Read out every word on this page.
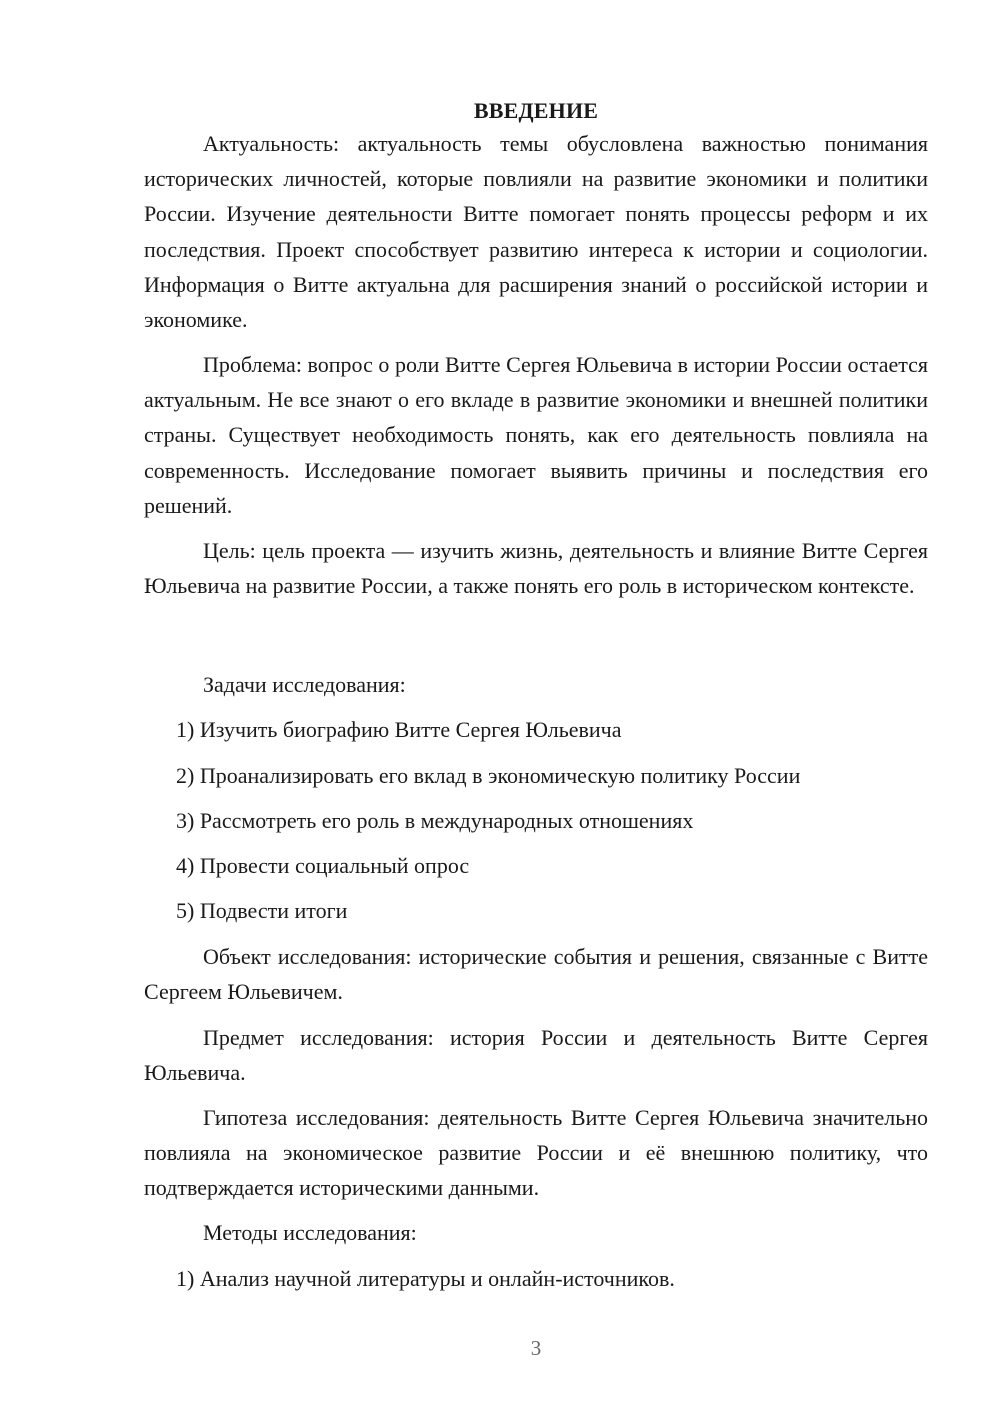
ВВЕДЕНИЕ

Актуальность: актуальность темы обусловлена важностью понимания исторических личностей, которые повлияли на развитие экономики и политики России. Изучение деятельности Витте помогает понять процессы реформ и их последствия. Проект способствует развитию интереса к истории и социологии. Информация о Витте актуальна для расширения знаний о российской истории и экономике.

Проблема: вопрос о роли Витте Сергея Юльевича в истории России остается актуальным. Не все знают о его вкладе в развитие экономики и внешней политики страны. Существует необходимость понять, как его деятельность повлияла на современность. Исследование помогает выявить причины и последствия его решений.

Цель: цель проекта — изучить жизнь, деятельность и влияние Витте Сергея Юльевича на развитие России, а также понять его роль в историческом контексте.

Задачи исследования:
1) Изучить биографию Витте Сергея Юльевича
2) Проанализировать его вклад в экономическую политику России
3) Рассмотреть его роль в международных отношениях
4) Провести социальный опрос
5) Подвести итоги

Объект исследования: исторические события и решения, связанные с Витте Сергеем Юльевичем.

Предмет исследования: история России и деятельность Витте Сергея Юльевича.

Гипотеза исследования: деятельность Витте Сергея Юльевича значительно повлияла на экономическое развитие России и её внешнюю политику, что подтверждается историческими данными.

Методы исследования:
1) Анализ научной литературы и онлайн-источников.
3
